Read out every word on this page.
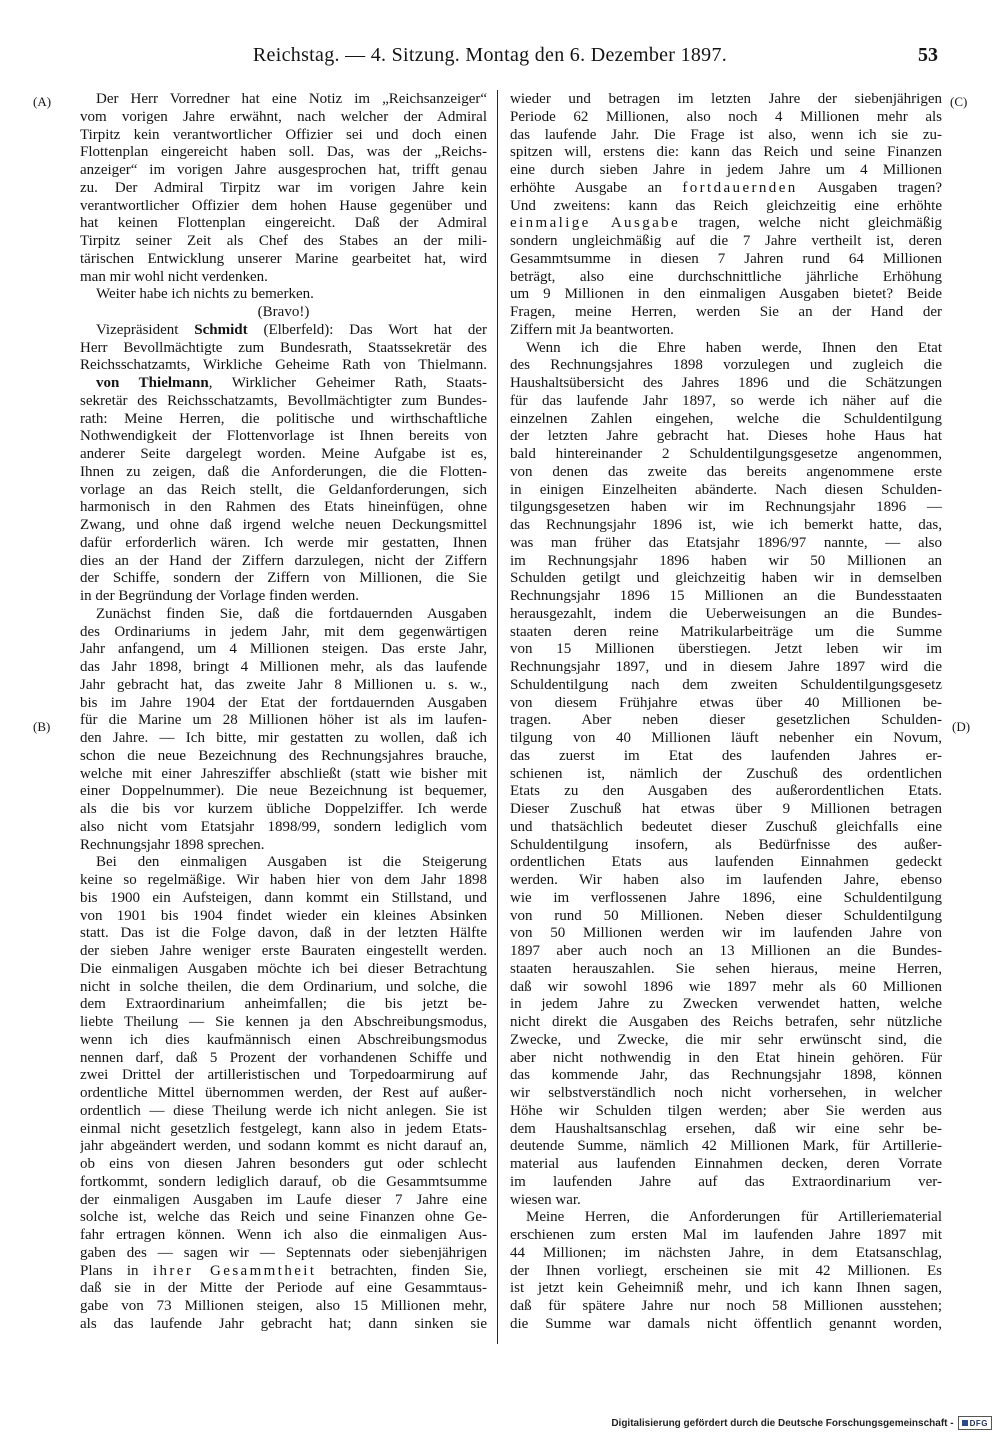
Reichstag. — 4. Sitzung. Montag den 6. Dezember 1897.	53
(A)
(B)
(C)
(D)
Der Herr Vorredner hat eine Notiz im „Reichsanzeiger“
vom vorigen Jahre erwähnt, nach welcher der Admiral
Tirpitz kein verantwortlicher Offizier sei und doch einen
Flottenplan eingereicht haben soll. Das, was der „Reichs-
anzeiger“ im vorigen Jahre ausgesprochen hat, trifft genau
zu. Der Admiral Tirpitz war im vorigen Jahre kein
verantwortlicher Offizier dem hohen Hause gegenüber und
hat keinen Flottenplan eingereicht. Daß der Admiral
Tirpitz seiner Zeit als Chef des Stabes an der mili-
tärischen Entwicklung unserer Marine gearbeitet hat, wird
man mir wohl nicht verdenken.
Weiter habe ich nichts zu bemerken.
(Bravo!)
Vizepräsident Schmidt (Elberfeld): Das Wort hat der
Herr Bevollmächtigte zum Bundesrath, Staatssekretär des
Reichsschatzamts, Wirkliche Geheime Rath von Thielmann.
von Thielmann, Wirklicher Geheimer Rath, Staats-
sekretär des Reichsschatzamts, Bevollmächtigter zum Bundes-
rath: Meine Herren, die politische und wirthschaftliche
Nothwendigkeit der Flottenvorlage ist Ihnen bereits von
anderer Seite dargelegt worden. Meine Aufgabe ist es,
Ihnen zu zeigen, daß die Anforderungen, die die Flotten-
vorlage an das Reich stellt, die Geldanforderungen, sich
harmonisch in den Rahmen des Etats hineinfügen, ohne
Zwang, und ohne daß irgend welche neuen Deckungsmittel
dafür erforderlich wären. Ich werde mir gestatten, Ihnen
dies an der Hand der Ziffern darzulegen, nicht der Ziffern
der Schiffe, sondern der Ziffern von Millionen, die Sie
in der Begründung der Vorlage finden werden.
Zunächst finden Sie, daß die fortdauernden Ausgaben
des Ordinariums in jedem Jahr, mit dem gegenwärtigen
Jahr anfangend, um 4 Millionen steigen. Das erste Jahr,
das Jahr 1898, bringt 4 Millionen mehr, als das laufende
Jahr gebracht hat, das zweite Jahr 8 Millionen u. s. w.,
bis im Jahre 1904 der Etat der fortdauernden Ausgaben
für die Marine um 28 Millionen höher ist als im laufen-
den Jahre. — Ich bitte, mir gestatten zu wollen, daß ich
schon die neue Bezeichnung des Rechnungsjahres brauche,
welche mit einer Jahresziffer abschließt (statt wie bisher mit
einer Doppelnummer). Die neue Bezeichnung ist bequemer,
als die bis vor kurzem übliche Doppelziffer. Ich werde
also nicht vom Etatsjahr 1898/99, sondern lediglich vom
Rechnungsjahr 1898 sprechen.
Bei den einmaligen Ausgaben ist die Steigerung
keine so regelmäßige. Wir haben hier von dem Jahr 1898
bis 1900 ein Aufsteigen, dann kommt ein Stillstand, und
von 1901 bis 1904 findet wieder ein kleines Absinken
statt. Das ist die Folge davon, daß in der letzten Hälfte
der sieben Jahre weniger erste Bauraten eingestellt werden.
Die einmaligen Ausgaben möchte ich bei dieser Betrachtung
nicht in solche theilen, die dem Ordinarium, und solche, die
dem Extraordinarium anheimfallen; die bis jetzt be-
liebte Theilung — Sie kennen ja den Abschreibungsmodus,
wenn ich dies kaufmännisch einen Abschreibungsmodus
nennen darf, daß 5 Prozent der vorhandenen Schiffe und
zwei Drittel der artilleristischen und Torpedoarmirung auf
ordentliche Mittel übernommen werden, der Rest auf außer-
ordentlich — diese Theilung werde ich nicht anlegen. Sie ist
einmal nicht gesetzlich festgelegt, kann also in jedem Etats-
jahr abgeändert werden, und sodann kommt es nicht darauf an,
ob eins von diesen Jahren besonders gut oder schlecht
fortkommt, sondern lediglich darauf, ob die Gesammtsumme
der einmaligen Ausgaben im Laufe dieser 7 Jahre eine
solche ist, welche das Reich und seine Finanzen ohne Ge-
fahr ertragen können. Wenn ich also die einmaligen Aus-
gaben des — sagen wir — Septennats oder siebenjährigen
Plans in ihrer Gesammtheit betrachten, finden Sie,
daß sie in der Mitte der Periode auf eine Gesammtaus-
gabe von 73 Millionen steigen, also 15 Millionen mehr,
als das laufende Jahr gebracht hat; dann sinken sie
wieder und betragen im letzten Jahre der siebenjährigen
Periode 62 Millionen, also noch 4 Millionen mehr als
das laufende Jahr. Die Frage ist also, wenn ich sie zu-
spitzen will, erstens die: kann das Reich und seine Finanzen
eine durch sieben Jahre in jedem Jahre um 4 Millionen
erhöhte Ausgabe an fortdauernden Ausgaben tragen?
Und zweitens: kann das Reich gleichzeitig eine erhöhte
einmalige Ausgabe tragen, welche nicht gleichmäßig
sondern ungleichmäßig auf die 7 Jahre vertheilt ist, deren
Gesammtsumme in diesen 7 Jahren rund 64 Millionen
beträgt, also eine durchschnittliche jährliche Erhöhung
um 9 Millionen in den einmaligen Ausgaben bietet? Beide
Fragen, meine Herren, werden Sie an der Hand der
Ziffern mit Ja beantworten.
Wenn ich die Ehre haben werde, Ihnen den Etat
des Rechnungsjahres 1898 vorzulegen und zugleich die
Haushaltsübersicht des Jahres 1896 und die Schätzungen
für das laufende Jahr 1897, so werde ich näher auf die
einzelnen Zahlen eingehen, welche die Schuldentilgung
der letzten Jahre gebracht hat. Dieses hohe Haus hat
bald hintereinander 2 Schuldentilgungsgesetze angenommen,
von denen das zweite das bereits angenommene erste
in einigen Einzelheiten abänderte. Nach diesen Schulden-
tilgungsgesetzen haben wir im Rechnungsjahr 1896 —
das Rechnungsjahr 1896 ist, wie ich bemerkt hatte, das,
was man früher das Etatsjahr 1896/97 nannte, — also
im Rechnungsjahr 1896 haben wir 50 Millionen an
Schulden getilgt und gleichzeitig haben wir in demselben
Rechnungsjahr 1896 15 Millionen an die Bundesstaaten
herausgezahlt, indem die Ueberweisungen an die Bundes-
staaten deren reine Matrikularbeiträge um die Summe
von 15 Millionen überstiegen. Jetzt leben wir im
Rechnungsjahr 1897, und in diesem Jahre 1897 wird die
Schuldentilgung nach dem zweiten Schuldentilgungsgesetz
von diesem Frühjahre etwas über 40 Millionen be-
tragen. Aber neben dieser gesetzlichen Schulden-
tilgung von 40 Millionen läuft nebenher ein Novum,
das zuerst im Etat des laufenden Jahres er-
schienen ist, nämlich der Zuschuß des ordentlichen
Etats zu den Ausgaben des außerordentlichen Etats.
Dieser Zuschuß hat etwas über 9 Millionen betragen
und thatsächlich bedeutet dieser Zuschuß gleichfalls eine
Schuldentilgung insofern, als Bedürfnisse des außer-
ordentlichen Etats aus laufenden Einnahmen gedeckt
werden. Wir haben also im laufenden Jahre, ebenso
wie im verflossenen Jahre 1896, eine Schuldentilgung
von rund 50 Millionen. Neben dieser Schuldentilgung
von 50 Millionen werden wir im laufenden Jahre von
1897 aber auch noch an 13 Millionen an die Bundes-
staaten herauszahlen. Sie sehen hieraus, meine Herren,
daß wir sowohl 1896 wie 1897 mehr als 60 Millionen
in jedem Jahre zu Zwecken verwendet hatten, welche
nicht direkt die Ausgaben des Reichs betrafen, sehr nützliche
Zwecke, und Zwecke, die mir sehr erwünscht sind, die
aber nicht nothwendig in den Etat hinein gehören. Für
das kommende Jahr, das Rechnungsjahr 1898, können
wir selbstverständlich noch nicht vorhersehen, in welcher
Höhe wir Schulden tilgen werden; aber Sie werden aus
dem Haushaltsanschlag ersehen, daß wir eine sehr be-
deutende Summe, nämlich 42 Millionen Mark, für Artillerie-
material aus laufenden Einnahmen decken, deren Vorrate
im laufenden Jahre auf das Extraordinarium ver-
wiesen war.
Meine Herren, die Anforderungen für Artilleriematerial
erschienen zum ersten Mal im laufenden Jahre 1897 mit
44 Millionen; im nächsten Jahre, in dem Etatsanschlag,
der Ihnen vorliegt, erscheinen sie mit 42 Millionen. Es
ist jetzt kein Geheimniß mehr, und ich kann Ihnen sagen,
daß für spätere Jahre nur noch 58 Millionen ausstehen;
die Summe war damals nicht öffentlich genannt worden,
Digitalisierung gefördert durch die Deutsche Forschungsgemeinschaft - DFG
